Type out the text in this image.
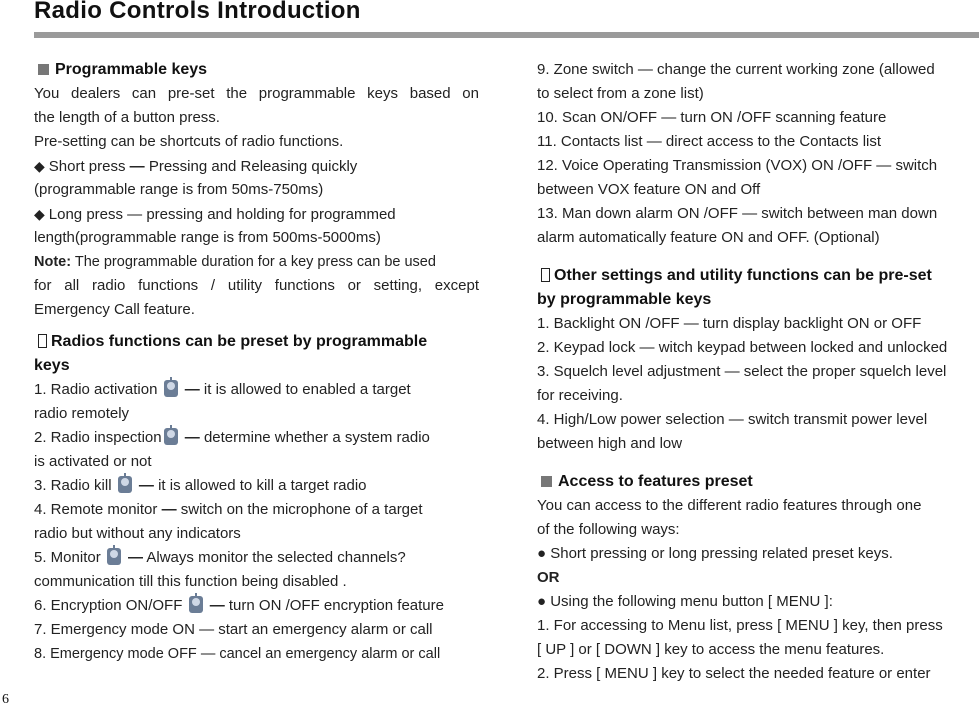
Radio Controls Introduction
Programmable keys
You dealers can pre-set the programmable keys based on
the length of a button press.
Pre-setting can be shortcuts of radio functions.
◆ Short press — Pressing and Releasing quickly
(programmable range is from 50ms-750ms)
◆ Long press — pressing and holding for programmed
length(programmable range is from 500ms-5000ms)
Note: The programmable duration for a key press can be used
for all radio functions / utility functions or setting, except
Emergency Call feature.
Radios functions can be preset by programmable
keys
1. Radio activation — it is allowed to enabled a target
radio remotely
2. Radio inspection — determine whether a system radio
is activated or not
3. Radio kill — it is allowed to kill a target radio
4. Remote monitor — switch on the microphone of a target
radio but without any indicators
5. Monitor — Always monitor the selected channels?
communication till this function being disabled .
6. Encryption ON/OFF — turn ON /OFF encryption feature
7. Emergency mode ON — start an emergency alarm or call
8. Emergency mode OFF — cancel an emergency alarm or call
9. Zone switch — change the current working zone (allowed
to select from a zone list)
10. Scan ON/OFF — turn ON /OFF scanning feature
11. Contacts list — direct access to the Contacts list
12. Voice Operating Transmission (VOX) ON /OFF — switch
between VOX feature ON and Off
13. Man down alarm ON /OFF — switch between man down
alarm automatically feature ON and OFF. (Optional)
Other settings and utility functions can be pre-set
by programmable keys
1. Backlight ON /OFF — turn display backlight ON or OFF
2. Keypad lock — witch keypad between locked and unlocked
3. Squelch level adjustment — select the proper squelch level
for receiving.
4. High/Low power selection — switch transmit power level
between high and low
Access to features preset
You can access to the different radio features through one
of the following ways:
● Short pressing or long pressing related preset keys.
OR
● Using the following menu button [ MENU ]:
1. For accessing to Menu list, press [ MENU ] key, then press
[ UP ] or [ DOWN ] key to access the menu features.
2. Press [ MENU ] key to select the needed feature or enter
6
